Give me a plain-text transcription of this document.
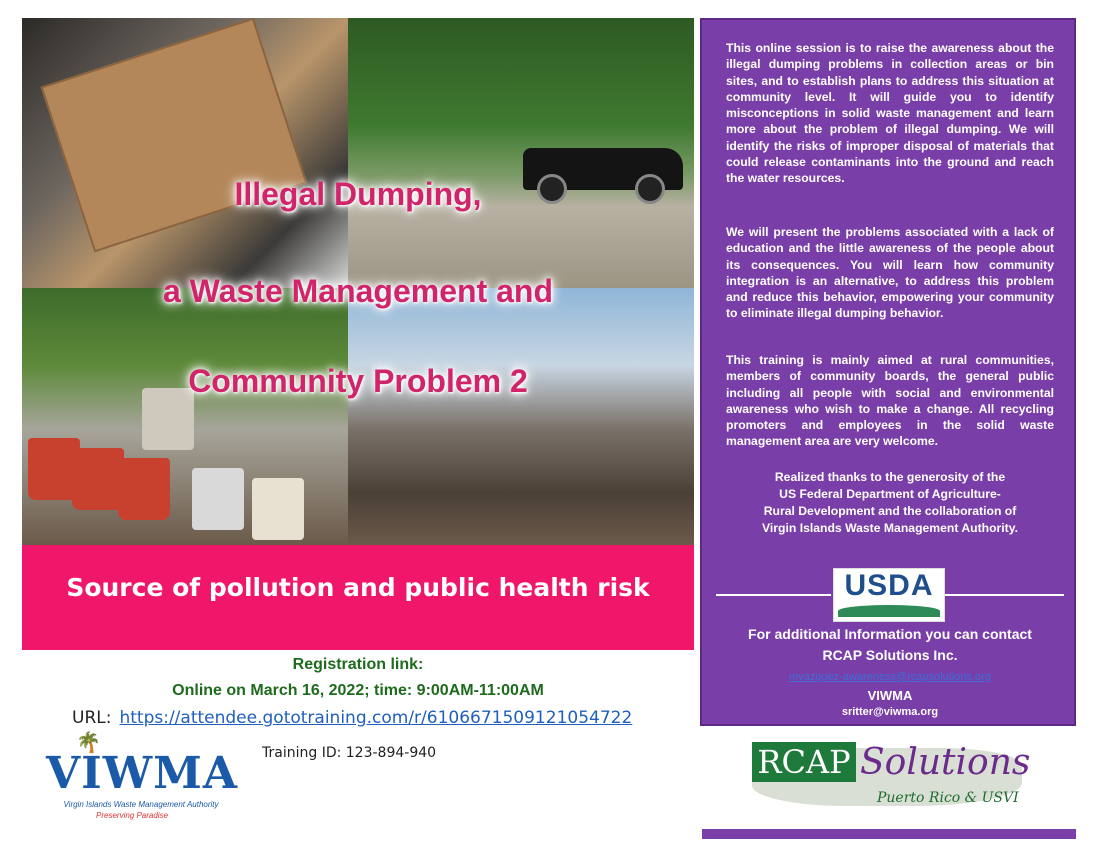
Illegal Dumping,
a Waste Management and
Community Problem 2
Source of pollution and public health risk
Registration link:
Online on March 16, 2022; time: 9:00AM-11:00AM
URL: https://attendee.gototraining.com/r/6106671509121054722
Training ID: 123-894-940
🌴
VIWMA
Virgin Islands Waste Management Authority
Preserving Paradise
This online session is to raise the awareness about the illegal dumping problems in collection areas or bin sites, and to establish plans to address this situation at community level. It will guide you to identify misconceptions in solid waste management and learn more about the problem of illegal dumping. We will identify the risks of improper disposal of materials that could release contaminants into the ground and reach the water resources.
We will present the problems associated with a lack of education and the little awareness of the people about its consequences. You will learn how community integration is an alternative, to address this problem and reduce this behavior, empowering your community to eliminate illegal dumping behavior.
This training is mainly aimed at rural communities, members of community boards, the general public including all people with social and environmental awareness who wish to make a change. All recycling promoters and employees in the solid waste management area are very welcome.
Realized thanks to the generosity of the
US Federal Department of Agriculture-
Rural Development and the collaboration of
Virgin Islands Waste Management Authority.
USDA
For additional Information you can contact
RCAP Solutions Inc.
mvazquez-awareness@rcapsolutions.org
VIWMA
sritter@viwma.org
RCAP Solutions
Puerto Rico & USVI
